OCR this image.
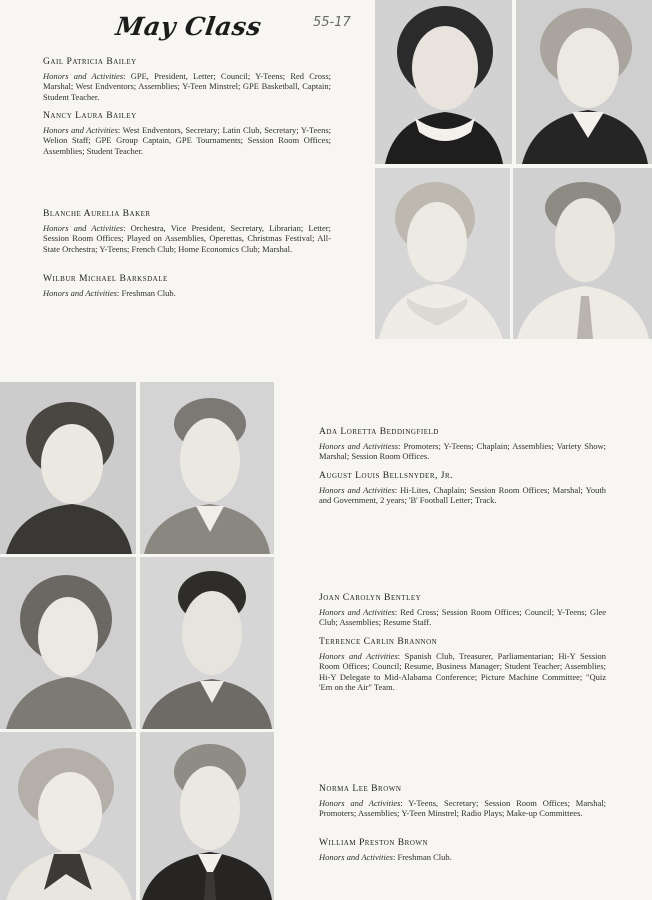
May Class	55-17
Gail Patricia Bailey
Honors and Activities: GPE, President, Letter; Council; Y-Teens; Red Cross; Marshal; West Endventors; Assemblies; Y-Teen Minstrel; GPE Basketball, Captain; Student Teacher.
Nancy Laura Bailey
Honors and Activities: West Endventors, Secretary; Latin Club, Secretary; Y-Teens; Welion Staff; GPE Group Captain, GPE Tournaments; Session Room Offices; Assemblies; Student Teacher.
Blanche Aurelia Baker
Honors and Activities: Orchestra, Vice President, Secretary, Librarian; Letter; Session Room Offices; Played on Assemblies, Operettas, Christmas Festival; All-State Orchestra; Y-Teens; French Club; Home Economics Club; Marshal.
Wilbur Michael Barksdale
Honors and Activities: Freshman Club.
Ada Loretta Beddingfield
Honors and Activitiess: Promoters; Y-Teens; Chaplain; Assemblies; Variety Show; Marshal; Session Room Offices.
August Louis Bellsnyder, Jr.
Honors and Activities: Hi-Lites, Chaplain; Session Room Offices; Marshal; Youth and Government, 2 years; 'B' Football Letter; Track.
Joan Carolyn Bentley
Honors and Activities: Red Cross; Session Room Offices; Council; Y-Teens; Glee Club; Assemblies; Resume Staff.
Terrence Carlin Brannon
Honors and Activities: Spanish Club, Treasurer, Parliamentarian; Hi-Y Session Room Offices; Council; Resume, Business Manager; Student Teacher; Assemblies; Hi-Y Delegate to Mid-Alabama Conference; Picture Machine Committee; "Quiz 'Em on the Air" Team.
Norma Lee Brown
Honors and Activities: Y-Teens, Secretary; Session Room Offices; Marshal; Promoters; Assemblies; Y-Teen Minstrel; Radio Plays; Make-up Committees.
William Preston Brown
Honors and Activities: Freshman Club.
